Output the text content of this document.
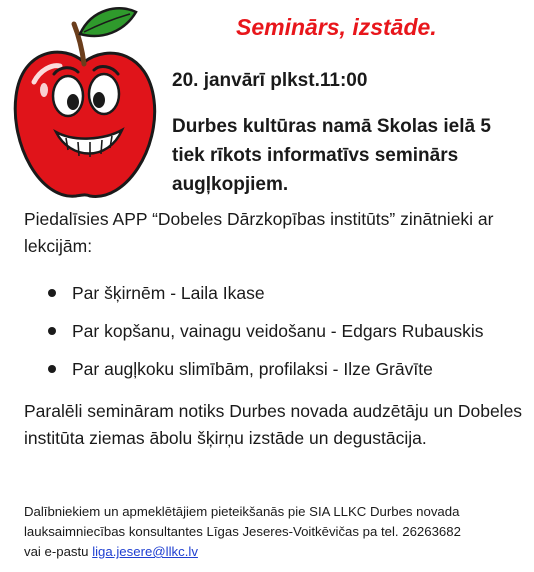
Seminārs, izstāde.
20. janvārī plkst.11:00
Durbes kultūras namā Skolas ielā 5 tiek rīkots informatīvs seminārs augļkopjiem.
Piedalīsies APP “Dobeles Dārzkopības institūts” zinātnieki ar lekcijām:
Par šķirnēm - Laila Ikase
Par kopšanu, vainagu veidošanu - Edgars Rubauskis
Par augļkoku slimībām, profilaksi - Ilze Grāvīte
Paralēli semināram notiks Durbes novada audzētāju un Dobeles institūta ziemas ābolu šķirņu izstāde un degustācija.
Dalībniekiem un apmeklētājiem pieteikšanās pie SIA LLKC Durbes novada
lauksaimniecības konsultantes Līgas Jeseres-Voitkēvičas pa tel. 26263682
vai e-pastu liga.jesere@llkc.lv
